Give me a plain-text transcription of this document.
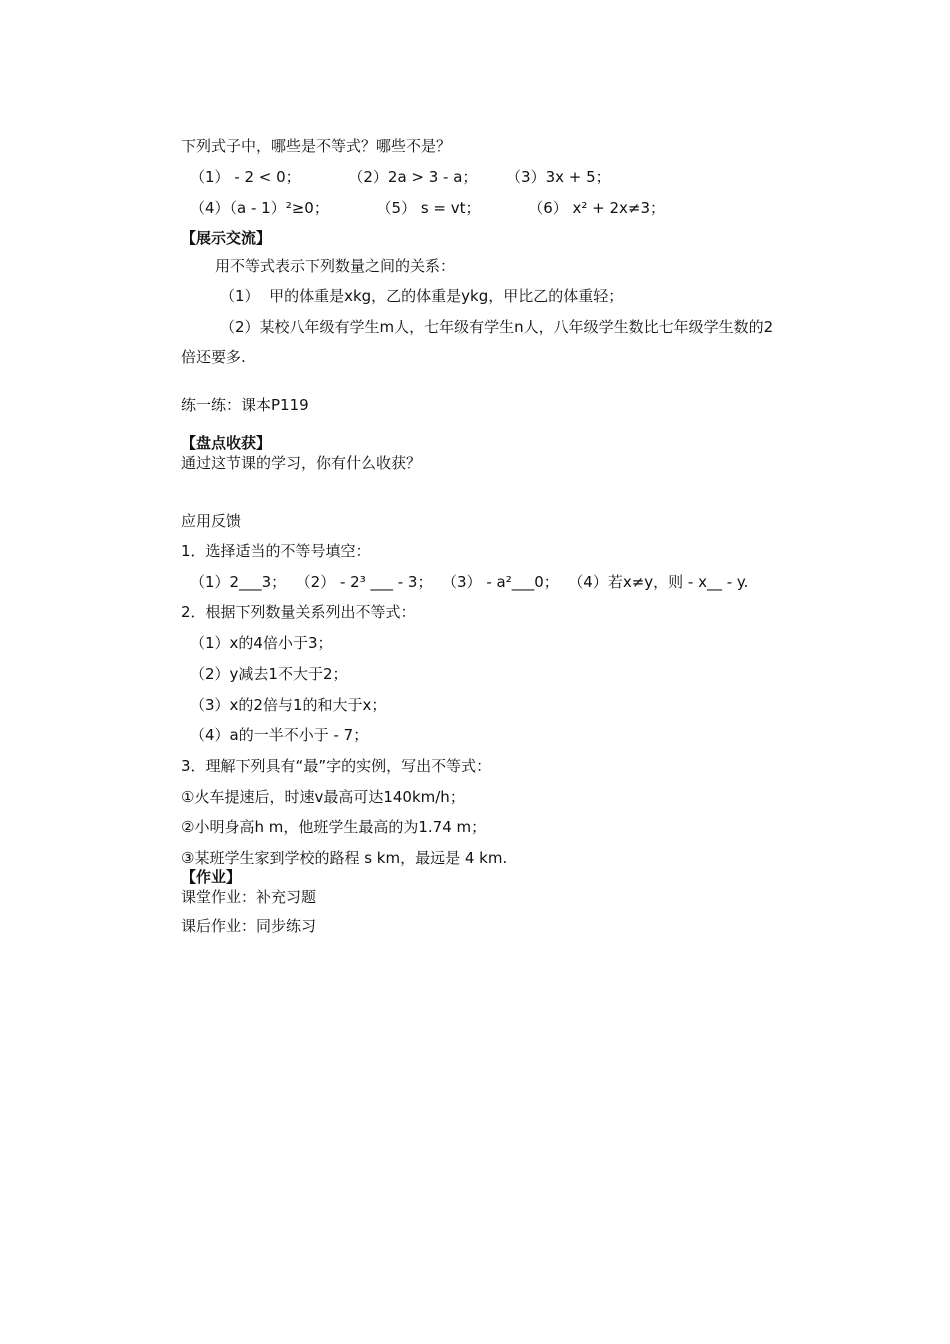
下列式子中，哪些是不等式？哪些不是？
（1） - 2 < 0；          （2）2a > 3 - a；      （3）3x + 5；
（4）（a - 1）²≥0；          （5） s = vt；          （6） x² + 2x≠3；
【展示交流】
用不等式表示下列数量之间的关系：
（1）  甲的体重是xkg，乙的体重是ykg，甲比乙的体重轻；
（2）某校八年级有学生m人，七年级有学生n人，八年级学生数比七年级学生数的2
倍还要多.
练一练：课本P119
【盘点收获】
通过这节课的学习，你有什么收获？
应用反馈
1．选择适当的不等号填空：
（1）2___3；  （2） - 2³ ___ - 3；  （3） - a²___0；  （4）若x≠y，则 - x__ - y.
2．根据下列数量关系列出不等式：
（1）x的4倍小于3；
（2）y减去1不大于2；
（3）x的2倍与1的和大于x；
（4）a的一半不小于 - 7；
3．理解下列具有“最”字的实例，写出不等式：
①火车提速后，时速v最高可达140km/h；
②小明身高h m，他班学生最高的为1.74 m；
③某班学生家到学校的路程 s km，最远是 4 km.
【作业】
课堂作业：补充习题
课后作业：同步练习
